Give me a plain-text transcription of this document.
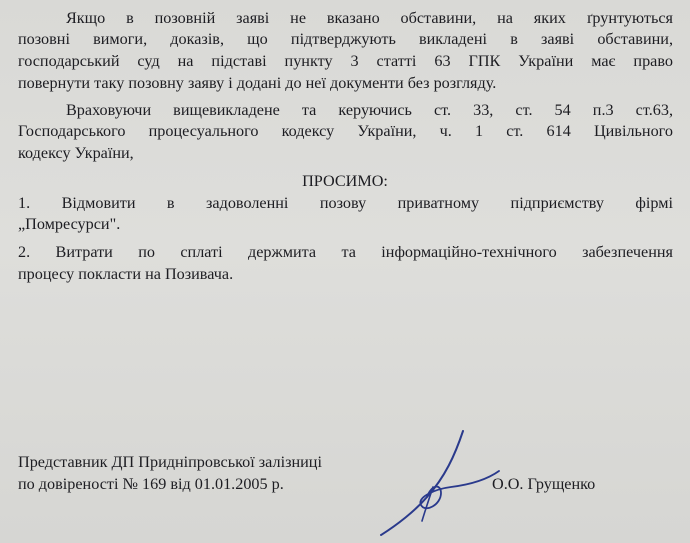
Якщо в позовній заяві не вказано обставини, на яких ґрунтуються

позовні вимоги, доказів, що підтверджують викладені в заяві обставини,

господарський суд на підставі пункту 3 статті 63 ГПК України має право

повернути таку позовну заяву і додані до неї документи без розгляду.

Враховуючи вищевикладене та керуючись ст. 33, ст. 54 п.3 ст.63,

Господарського процесуального кодексу України, ч. 1 ст. 614 Цивільного

кодексу України,

ПРОСИМО:

1. Відмовити в задоволенні позову приватному підприємству фірмі

„Помресурси".

2. Витрати по сплаті держмита та інформаційно-технічного забезпечення

процесу покласти на Позивача.

Представник ДП Придніпровської залізниці

по довіреності № 169 від 01.01.2005 р.	О.О. Грущенко
